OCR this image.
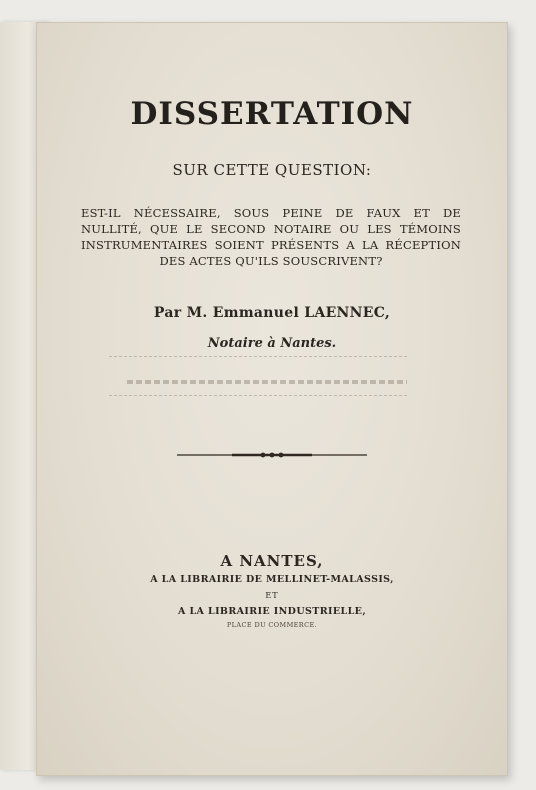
DISSERTATION
SUR CETTE QUESTION:
EST-IL NÉCESSAIRE, SOUS PEINE DE FAUX ET DE NULLITÉ, QUE LE SECOND NOTAIRE OU LES TÉMOINS INSTRUMENTAIRES SOIENT PRÉSENTS A LA RÉCEPTION DES ACTES QU'ILS SOUSCRIVENT?
Par M. Emmanuel LAENNEC,
Notaire à Nantes.
A NANTES,
A LA LIBRAIRIE DE MELLINET-MALASSIS,
ET
A LA LIBRAIRIE INDUSTRIELLE,
PLACE DU COMMERCE.
